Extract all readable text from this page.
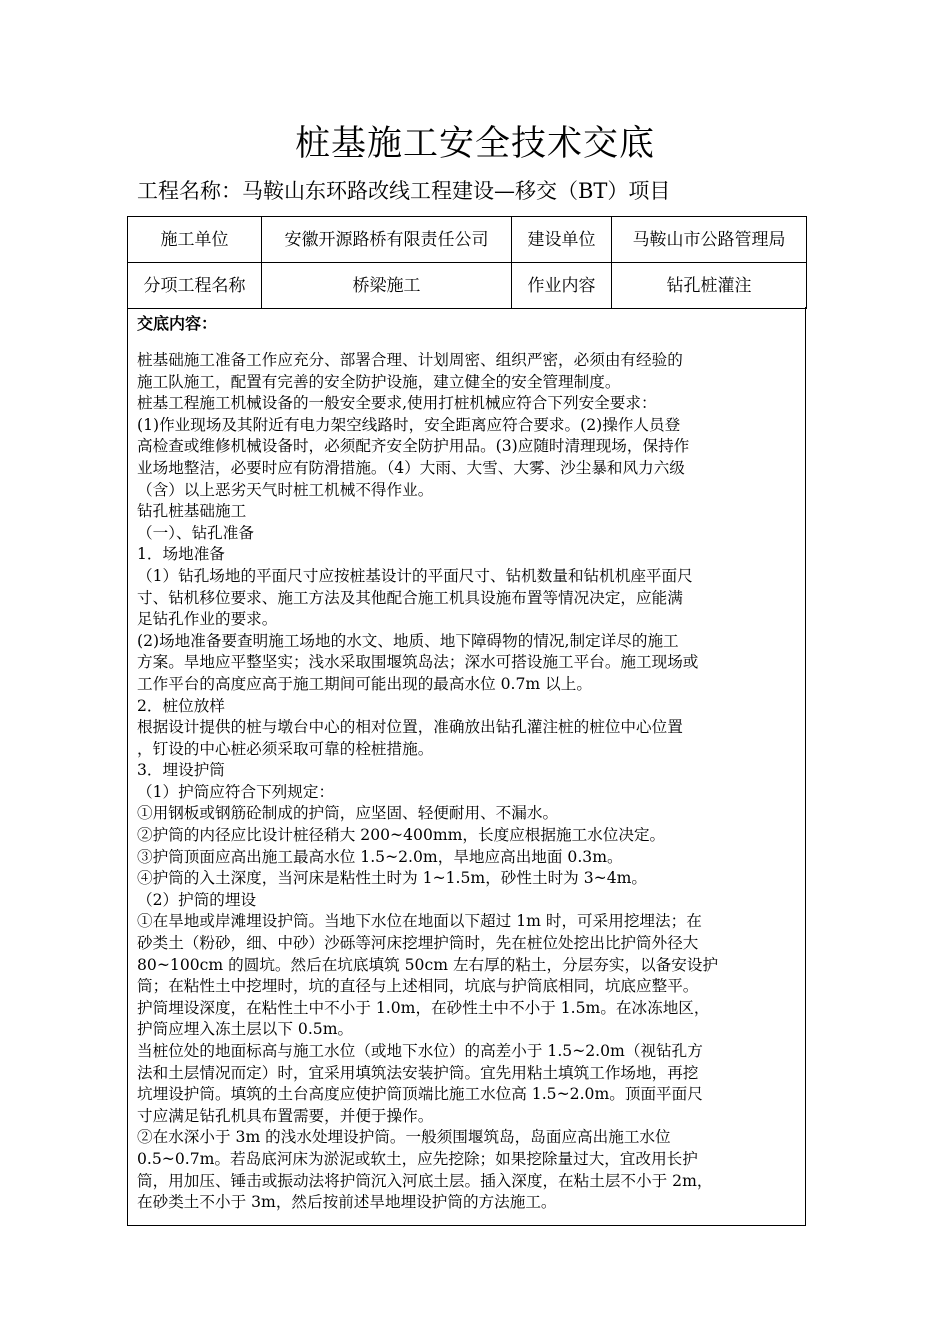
桩基施工安全技术交底
工程名称：马鞍山东环路改线工程建设—移交（BT）项目
施工单位	安徽开源路桥有限责任公司	建设单位	马鞍山市公路管理局
分项工程名称	桥梁施工	作业内容	钻孔桩灌注
交底内容：

桩基础施工准备工作应充分、部署合理、计划周密、组织严密，必须由有经验的

施工队施工，配置有完善的安全防护设施，建立健全的安全管理制度。

桩基工程施工机械设备的一般安全要求,使用打桩机械应符合下列安全要求：

(1)作业现场及其附近有电力架空线路时，安全距离应符合要求。(2)操作人员登

高检查或维修机械设备时，必须配齐安全防护用品。(3)应随时清理现场，保持作

业场地整洁，必要时应有防滑措施。（4）大雨、大雪、大雾、沙尘暴和风力六级

（含）以上恶劣天气时桩工机械不得作业。

钻孔桩基础施工

（一）、钻孔准备

1．场地准备

（1）钻孔场地的平面尺寸应按桩基设计的平面尺寸、钻机数量和钻机机座平面尺

寸、钻机移位要求、施工方法及其他配合施工机具设施布置等情况决定，应能满

足钻孔作业的要求。

(2)场地准备要查明施工场地的水文、地质、地下障碍物的情况,制定详尽的施工

方案。旱地应平整坚实；浅水采取围堰筑岛法；深水可搭设施工平台。施工现场或

工作平台的高度应高于施工期间可能出现的最高水位 0.7m 以上。

2．桩位放样

根据设计提供的桩与墩台中心的相对位置，准确放出钻孔灌注桩的桩位中心位置

，钉设的中心桩必须采取可靠的栓桩措施。

3．埋设护筒

（1）护筒应符合下列规定：

①用钢板或钢筋砼制成的护筒，应坚固、轻便耐用、不漏水。

②护筒的内径应比设计桩径稍大 200~400mm，长度应根据施工水位决定。

③护筒顶面应高出施工最高水位 1.5~2.0m，旱地应高出地面 0.3m。

④护筒的入土深度，当河床是粘性土时为 1~1.5m，砂性土时为 3~4m。

（2）护筒的埋设

①在旱地或岸滩埋设护筒。当地下水位在地面以下超过 1m 时，可采用挖埋法；在

砂类土（粉砂，细、中砂）沙砾等河床挖埋护筒时，先在桩位处挖出比护筒外径大

80~100cm 的圆坑。然后在坑底填筑 50cm 左右厚的粘土，分层夯实，以备安设护

筒；在粘性土中挖埋时，坑的直径与上述相同，坑底与护筒底相同，坑底应整平。

护筒埋设深度，在粘性土中不小于 1.0m，在砂性土中不小于 1.5m。在冰冻地区，

护筒应埋入冻土层以下 0.5m。

当桩位处的地面标高与施工水位（或地下水位）的高差小于 1.5~2.0m（视钻孔方

法和土层情况而定）时，宜采用填筑法安装护筒。宜先用粘土填筑工作场地，再挖

坑埋设护筒。填筑的土台高度应使护筒顶端比施工水位高 1.5~2.0m。顶面平面尺

寸应满足钻孔机具布置需要，并便于操作。

②在水深小于 3m 的浅水处埋设护筒。一般须围堰筑岛，岛面应高出施工水位

0.5~0.7m。若岛底河床为淤泥或软土，应先挖除；如果挖除量过大，宜改用长护

筒，用加压、锤击或振动法将护筒沉入河底土层。插入深度，在粘土层不小于 2m，

在砂类土不小于 3m，然后按前述旱地埋设护筒的方法施工。
